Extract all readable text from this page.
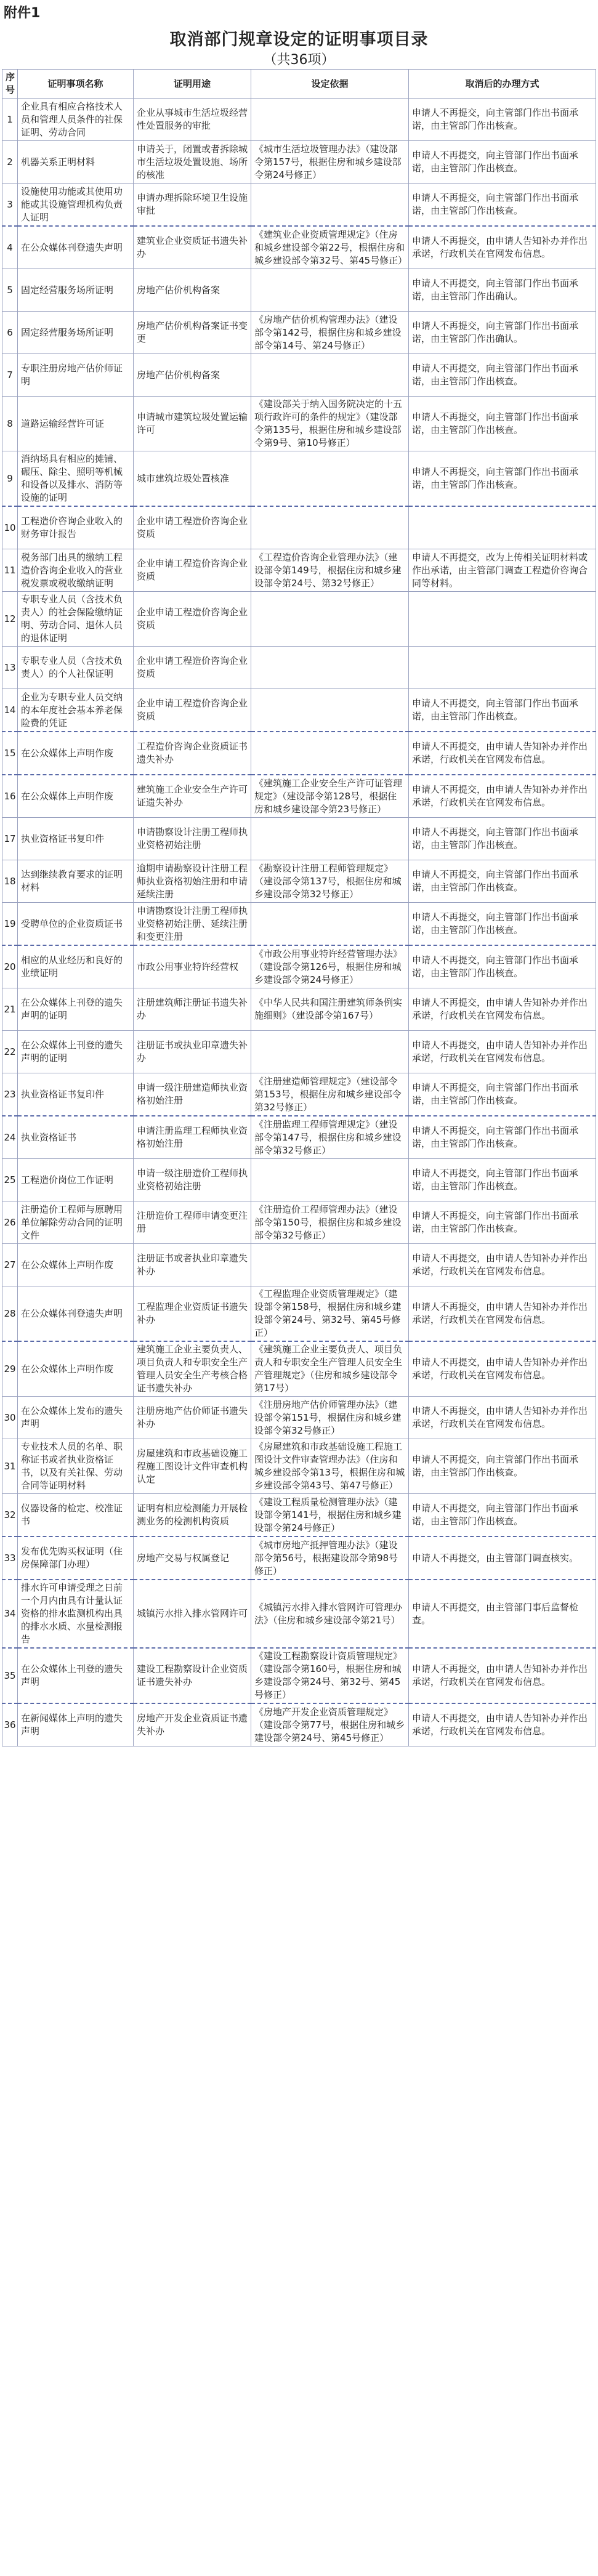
附件1
取消部门规章设定的证明事项目录
（共36项）
序号	证明事项名称	证明用途	设定依据	取消后的办理方式
1	企业具有相应合格技术人员和管理人员条件的社保证明、劳动合同	企业从事城市生活垃圾经营性处置服务的审批		申请人不再提交，向主管部门作出书面承诺，由主管部门作出核查。
2	机器关系正明材料	申请关于，闭置或者拆除城市生活垃圾处置设施、场所的核准	《城市生活垃圾管理办法》（建设部令第157号，根据住房和城乡建设部令第24号修正）	申请人不再提交，向主管部门作出书面承诺，由主管部门作出核查。
3	设施使用功能或其使用功能或其设施管理机构负责人证明	申请办理拆除环境卫生设施审批		申请人不再提交，向主管部门作出书面承诺，由主管部门作出核查。
4	在公众媒体刊登遗失声明	建筑业企业资质证书遗失补办	《建筑业企业资质管理规定》（住房和城乡建设部令第22号，根据住房和城乡建设部令第32号、第45号修正）	申请人不再提交，由申请人告知补办并作出承诺，行政机关在官网发布信息。
5	固定经营服务场所证明	房地产估价机构备案		申请人不再提交，向主管部门作出书面承诺，由主管部门作出确认。
6	固定经营服务场所证明	房地产估价机构备案证书变更	《房地产估价机构管理办法》（建设部令第142号，根据住房和城乡建设部令第14号、第24号修正）	申请人不再提交，向主管部门作出书面承诺，由主管部门作出确认。
7	专职注册房地产估价师证明	房地产估价机构备案		申请人不再提交，向主管部门作出书面承诺，由主管部门作出核查。
8	道路运输经营许可证	申请城市建筑垃圾处置运输许可	《建设部关于纳入国务院决定的十五项行政许可的条件的规定》（建设部令第135号，根据住房和城乡建设部令第9号、第10号修正）	申请人不再提交，向主管部门作出书面承诺，由主管部门作出核查。
9	消纳场具有相应的摊铺、碾压、除尘、照明等机械和设备以及排水、消防等设施的证明	城市建筑垃圾处置核准		申请人不再提交，向主管部门作出书面承诺，由主管部门作出核查。
10	工程造价咨询企业收入的财务审计报告	企业申请工程造价咨询企业资质		
11	税务部门出具的缴纳工程造价咨询企业收入的营业税发票或税收缴纳证明	企业申请工程造价咨询企业资质	《工程造价咨询企业管理办法》（建设部令第149号，根据住房和城乡建设部令第24号、第32号修正）	申请人不再提交，改为上传相关证明材料或作出承诺，由主管部门调查工程造价咨询合同等材料。
12	专职专业人员（含技术负责人）的社会保险缴纳证明、劳动合同、退休人员的退休证明	企业申请工程造价咨询企业资质		
13	专职专业人员（含技术负责人）的个人社保证明	企业申请工程造价咨询企业资质		
14	企业为专职专业人员交纳的本年度社会基本养老保险费的凭证	企业申请工程造价咨询企业资质		申请人不再提交，向主管部门作出书面承诺，由主管部门作出核查。
15	在公众媒体上声明作废	工程造价咨询企业资质证书遗失补办		申请人不再提交，由申请人告知补办并作出承诺，行政机关在官网发布信息。
16	在公众媒体上声明作废	建筑施工企业安全生产许可证遗失补办	《建筑施工企业安全生产许可证管理规定》（建设部令第128号，根据住房和城乡建设部令第23号修正）	申请人不再提交，由申请人告知补办并作出承诺，行政机关在官网发布信息。
17	执业资格证书复印件	申请勘察设计注册工程师执业资格初始注册		申请人不再提交，向主管部门作出书面承诺，由主管部门作出核查。
18	达到继续教育要求的证明材料	逾期申请勘察设计注册工程师执业资格初始注册和申请延续注册	《勘察设计注册工程师管理规定》（建设部令第137号，根据住房和城乡建设部令第32号修正）	申请人不再提交，向主管部门作出书面承诺，由主管部门作出核查。
19	受聘单位的企业资质证书	申请勘察设计注册工程师执业资格初始注册、延续注册和变更注册		申请人不再提交，向主管部门作出书面承诺，由主管部门作出核查。
20	相应的从业经历和良好的业绩证明	市政公用事业特许经营权	《市政公用事业特许经营管理办法》（建设部令第126号，根据住房和城乡建设部令第24号修正）	申请人不再提交，向主管部门作出书面承诺，由主管部门作出核查。
21	在公众媒体上刊登的遗失声明的证明	注册建筑师注册证书遗失补办	《中华人民共和国注册建筑师条例实施细则》（建设部令第167号）	申请人不再提交，由申请人告知补办并作出承诺，行政机关在官网发布信息。
22	在公众媒体上刊登的遗失声明的证明	注册证书或执业印章遗失补办		申请人不再提交，由申请人告知补办并作出承诺，行政机关在官网发布信息。
23	执业资格证书复印件	申请一级注册建造师执业资格初始注册	《注册建造师管理规定》（建设部令第153号，根据住房和城乡建设部令第32号修正）	申请人不再提交，向主管部门作出书面承诺，由主管部门作出核查。
24	执业资格证书	申请注册监理工程师执业资格初始注册	《注册监理工程师管理规定》（建设部令第147号，根据住房和城乡建设部令第32号修正）	申请人不再提交，向主管部门作出书面承诺，由主管部门作出核查。
25	工程造价岗位工作证明	申请一级注册造价工程师执业资格初始注册		申请人不再提交，向主管部门作出书面承诺，由主管部门作出核查。
26	注册造价工程师与原聘用单位解除劳动合同的证明文件	注册造价工程师申请变更注册	《注册造价工程师管理办法》（建设部令第150号，根据住房和城乡建设部令第32号修正）	申请人不再提交，向主管部门作出书面承诺，由主管部门作出核查。
27	在公众媒体上声明作废	注册证书或者执业印章遗失补办		申请人不再提交，由申请人告知补办并作出承诺，行政机关在官网发布信息。
28	在公众媒体刊登遗失声明	工程监理企业资质证书遗失补办	《工程监理企业资质管理规定》（建设部令第158号，根据住房和城乡建设部令第24号、第32号、第45号修正）	申请人不再提交，由申请人告知补办并作出承诺，行政机关在官网发布信息。
29	在公众媒体上声明作废	建筑施工企业主要负责人、项目负责人和专职安全生产管理人员安全生产考核合格证书遗失补办	《建筑施工企业主要负责人、项目负责人和专职安全生产管理人员安全生产管理规定》（住房和城乡建设部令第17号）	申请人不再提交，由申请人告知补办并作出承诺，行政机关在官网发布信息。
30	在公众媒体上发布的遗失声明	注册房地产估价师证书遗失补办	《注册房地产估价师管理办法》（建设部令第151号，根据住房和城乡建设部令第32号修正）	申请人不再提交，由申请人告知补办并作出承诺，行政机关在官网发布信息。
31	专业技术人员的名单、职称证书或者执业资格证书，以及有关社保、劳动合同等证明材料	房屋建筑和市政基础设施工程施工图设计文件审查机构认定	《房屋建筑和市政基础设施工程施工图设计文件审查管理办法》（住房和城乡建设部令第13号，根据住房和城乡建设部令第43号、第47号修正）	申请人不再提交，向主管部门作出书面承诺，由主管部门作出核查。
32	仪器设备的检定、校准证书	证明有相应检测能力开展检测业务的检测机构资质	《建设工程质量检测管理办法》（建设部令第141号，根据住房和城乡建设部令第24号修正）	申请人不再提交，向主管部门作出书面承诺，由主管部门作出核查。
33	发布优先购买权证明（住房保障部门办理）	房地产交易与权属登记	《城市房地产抵押管理办法》（建设部令第56号，根据建设部令第98号修正）	申请人不再提交，由主管部门调查核实。
34	排水许可申请受理之日前一个月内由具有计量认证资格的排水监测机构出具的排水水质、水量检测报告	城镇污水排入排水管网许可	《城镇污水排入排水管网许可管理办法》（住房和城乡建设部令第21号）	申请人不再提交，由主管部门事后监督检查。
35	在公众媒体上刊登的遗失声明	建设工程勘察设计企业资质证书遗失补办	《建设工程勘察设计资质管理规定》（建设部令第160号，根据住房和城乡建设部令第24号、第32号、第45号修正）	申请人不再提交，由申请人告知补办并作出承诺，行政机关在官网发布信息。
36	在新闻媒体上声明的遗失声明	房地产开发企业资质证书遗失补办	《房地产开发企业资质管理规定》（建设部令第77号，根据住房和城乡建设部令第24号、第45号修正）	申请人不再提交，由申请人告知补办并作出承诺，行政机关在官网发布信息。
